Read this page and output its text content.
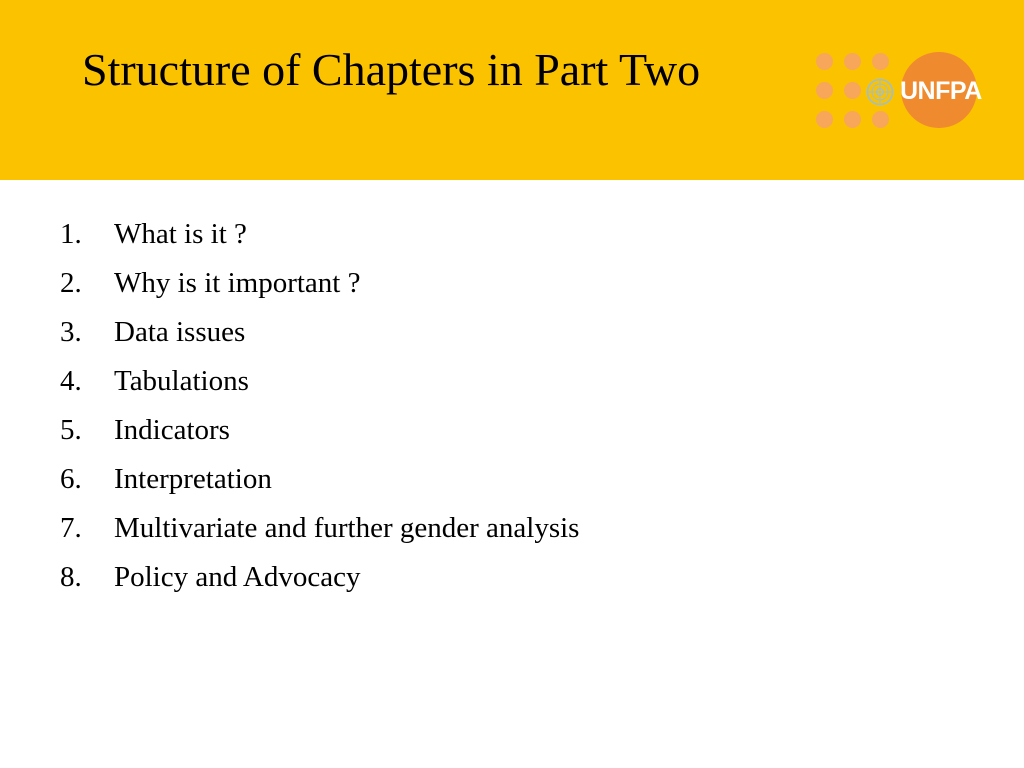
Structure of Chapters in Part Two	UNFPA
1.	What is it ?
2.	Why is it important ?
3.	Data issues
4.	Tabulations
5.	Indicators
6.	Interpretation
7.	Multivariate and further gender analysis
8.	Policy and Advocacy
